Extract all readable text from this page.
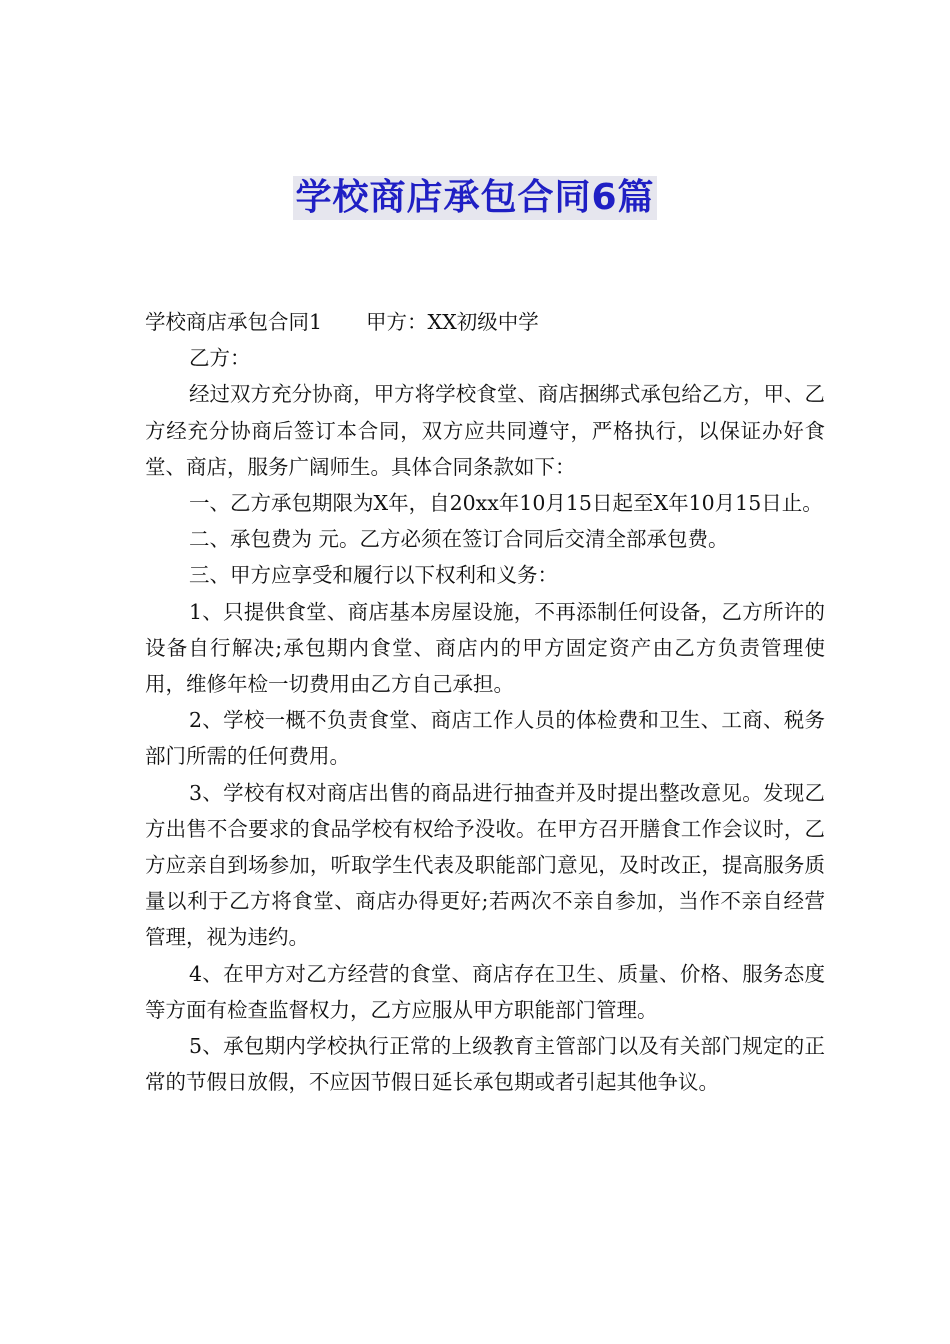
学校商店承包合同6篇

学校商店承包合同1 甲方：XX初级中学

乙方：

经过双方充分协商，甲方将学校食堂、商店捆绑式承包给乙方，甲、乙方经充分协商后签订本合同，双方应共同遵守，严格执行，以保证办好食堂、商店，服务广阔师生。具体合同条款如下：

一、乙方承包期限为X年，自20xx年10月15日起至X年10月15日止。

二、承包费为 元。乙方必须在签订合同后交清全部承包费。

三、甲方应享受和履行以下权利和义务：

1、只提供食堂、商店基本房屋设施，不再添制任何设备，乙方所许的设备自行解决;承包期内食堂、商店内的甲方固定资产由乙方负责管理使用，维修年检一切费用由乙方自己承担。

2、学校一概不负责食堂、商店工作人员的体检费和卫生、工商、税务部门所需的任何费用。

3、学校有权对商店出售的商品进行抽查并及时提出整改意见。发现乙方出售不合要求的食品学校有权给予没收。在甲方召开膳食工作会议时，乙方应亲自到场参加，听取学生代表及职能部门意见，及时改正，提高服务质量以利于乙方将食堂、商店办得更好;若两次不亲自参加，当作不亲自经营管理，视为违约。

4、在甲方对乙方经营的食堂、商店存在卫生、质量、价格、服务态度等方面有检查监督权力，乙方应服从甲方职能部门管理。

5、承包期内学校执行正常的上级教育主管部门以及有关部门规定的正常的节假日放假，不应因节假日延长承包期或者引起其他争议。
